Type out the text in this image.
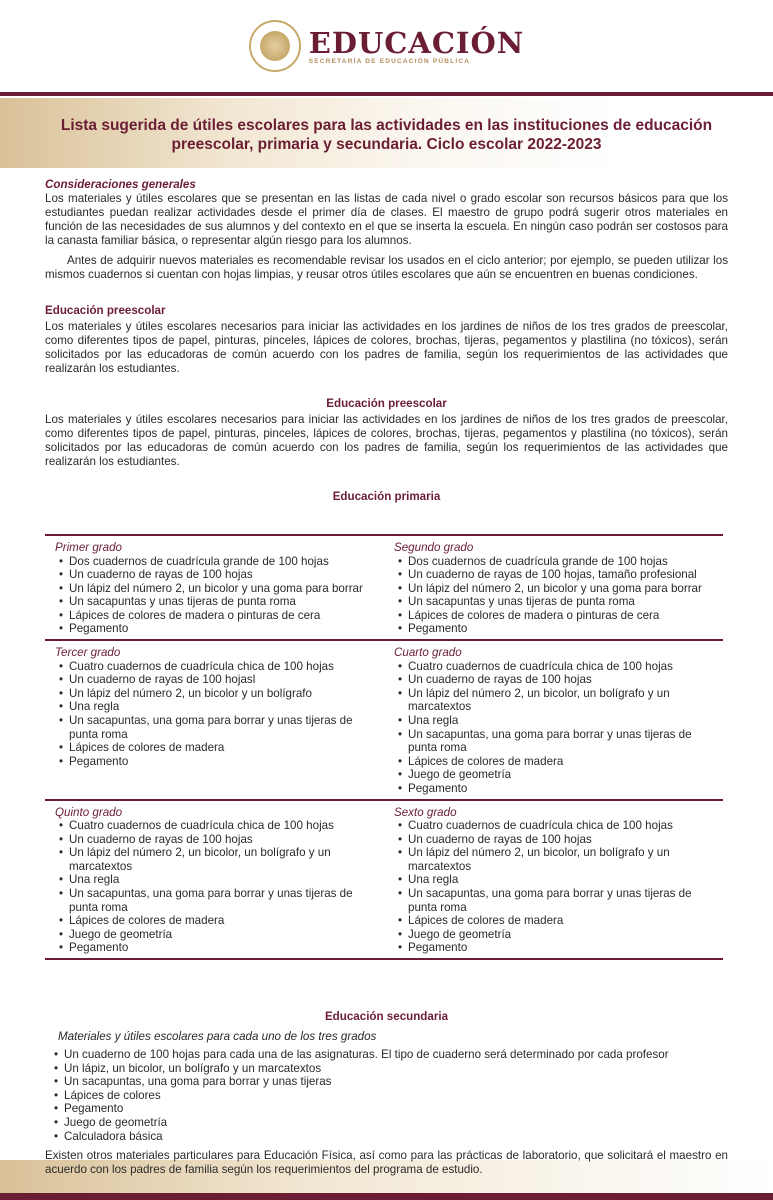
EDUCACIÓN
SECRETARÍA DE EDUCACIÓN PÚBLICA
Lista sugerida de útiles escolares para las actividades en las instituciones de educación preescolar, primaria y secundaria. Ciclo escolar 2022-2023
Consideraciones generales

Los materiales y útiles escolares que se presentan en las listas de cada nivel o grado escolar son recursos básicos para que los estudiantes puedan realizar actividades desde el primer día de clases. El maestro de grupo podrá sugerir otros materiales en función de las necesidades de sus alumnos y del contexto en el que se inserta la escuela. En ningún caso podrán ser costosos para la canasta familiar básica, o representar algún riesgo para los alumnos.

Antes de adquirir nuevos materiales es recomendable revisar los usados en el ciclo anterior; por ejemplo, se pueden utilizar los mismos cuadernos si cuentan con hojas limpias, y reusar otros útiles escolares que aún se encuentren en buenas condiciones.

Educación preescolar

Los materiales y útiles escolares necesarios para iniciar las actividades en los jardines de niños de los tres grados de preescolar, como diferentes tipos de papel, pinturas, pinceles, lápices de colores, brochas, tijeras, pegamentos y plastilina (no tóxicos), serán solicitados por las educadoras de común acuerdo con los padres de familia, según los requerimientos de las actividades que realizarán los estudiantes.

Educación preescolar

Los materiales y útiles escolares necesarios para iniciar las actividades en los jardines de niños de los tres grados de preescolar, como diferentes tipos de papel, pinturas, pinceles, lápices de colores, brochas, tijeras, pegamentos y plastilina (no tóxicos), serán solicitados por las educadoras de común acuerdo con los padres de familia, según los requerimientos de las actividades que realizarán los estudiantes.

Educación primaria
Primer grado
• Dos cuadernos de cuadrícula grande de 100 hojas
• Un cuaderno de rayas de 100 hojas
• Un lápiz del número 2, un bicolor y una goma para borrar
• Un sacapuntas y unas tijeras de punta roma
• Lápices de colores de madera o pinturas de cera
• Pegamento
Segundo grado
• Dos cuadernos de cuadrícula grande de 100 hojas
• Un cuaderno de rayas de 100 hojas, tamaño profesional
• Un lápiz del número 2, un bicolor y una goma para borrar
• Un sacapuntas y unas tijeras de punta roma
• Lápices de colores de madera o pinturas de cera
• Pegamento
Tercer grado
• Cuatro cuadernos de cuadrícula chica de 100 hojas
• Un cuaderno de rayas de 100 hojasl
• Un lápiz del número 2, un bicolor y un bolígrafo
• Una regla
• Un sacapuntas, una goma para borrar y unas tijeras de punta roma
• Lápices de colores de madera
• Pegamento
Cuarto grado
• Cuatro cuadernos de cuadrícula chica de 100 hojas
• Un cuaderno de rayas de 100 hojas
• Un lápiz del número 2, un bicolor, un bolígrafo y un marcatextos
• Una regla
• Un sacapuntas, una goma para borrar y unas tijeras de punta roma
• Lápices de colores de madera
• Juego de geometría
• Pegamento
Quinto grado
• Cuatro cuadernos de cuadrícula chica de 100 hojas
• Un cuaderno de rayas de 100 hojas
• Un lápiz del número 2, un bicolor, un bolígrafo y un marcatextos
• Una regla
• Un sacapuntas, una goma para borrar y unas tijeras de punta roma
• Lápices de colores de madera
• Juego de geometría
• Pegamento
Sexto grado
• Cuatro cuadernos de cuadrícula chica de 100 hojas
• Un cuaderno de rayas de 100 hojas
• Un lápiz del número 2, un bicolor, un bolígrafo y un marcatextos
• Una regla
• Un sacapuntas, una goma para borrar y unas tijeras de punta roma
• Lápices de colores de madera
• Juego de geometría
• Pegamento
Educación secundaria
Materiales y útiles escolares para cada uno de los tres grados
• Un cuaderno de 100 hojas para cada una de las asignaturas. El tipo de cuaderno será determinado por cada profesor
• Un lápiz, un bicolor, un bolígrafo y un marcatextos
• Un sacapuntas, una goma para borrar y unas tijeras
• Lápices de colores
• Pegamento
• Juego de geometría
• Calculadora básica

Existen otros materiales particulares para Educación Física, así como para las prácticas de laboratorio, que solicitará el maestro en acuerdo con los padres de familia según los requerimientos del programa de estudio.
